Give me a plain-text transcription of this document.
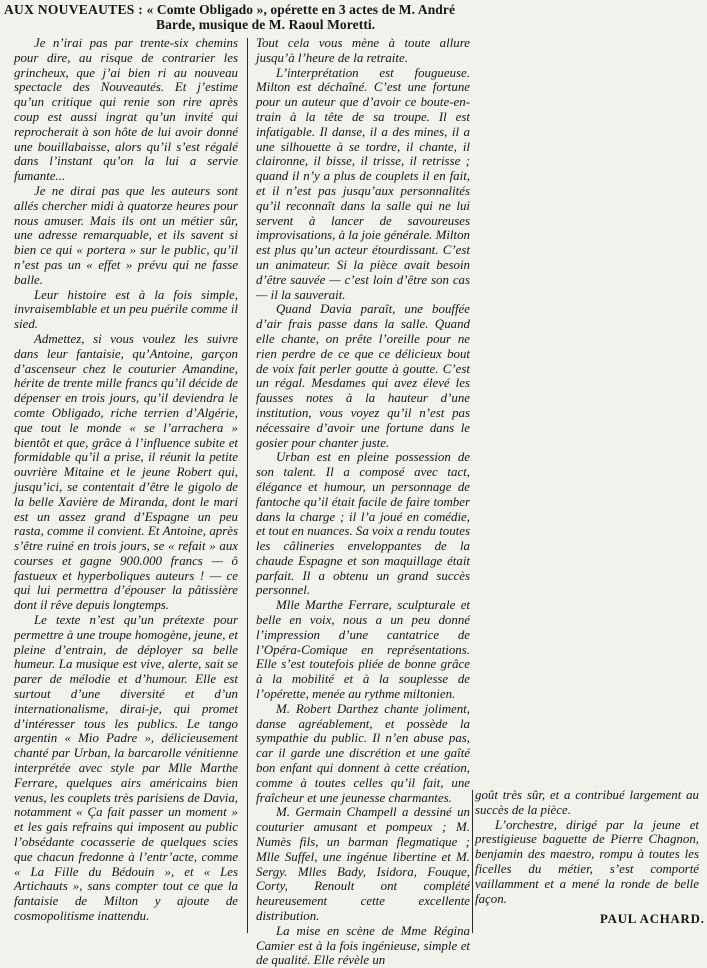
AUX NOUVEAUTES : « Comte Obligado », opérette en 3 actes de M. André
Barde, musique de M. Raoul Moretti.

Je n’irai pas par trente-six chemins pour dire, au risque de contrarier les grincheux, que j’ai bien ri au nouveau spectacle des Nouveautés. Et j’estime qu’un critique qui renie son rire après coup est aussi ingrat qu’un invité qui reprocherait à son hôte de lui avoir donné une bouillabaisse, alors qu’il s’est régalé dans l’instant qu’on la lui a servie fumante...

Je ne dirai pas que les auteurs sont allés chercher midi à quatorze heures pour nous amuser. Mais ils ont un métier sûr, une adresse remarquable, et ils savent si bien ce qui « portera » sur le public, qu’il n’est pas un « effet » prévu qui ne fasse balle.

Leur histoire est à la fois simple, invraisemblable et un peu puérile comme il sied.

Admettez, si vous voulez les suivre dans leur fantaisie, qu’Antoine, garçon d’ascenseur chez le couturier Amandine, hérite de trente mille francs qu’il décide de dépenser en trois jours, qu’il deviendra le comte Obligado, riche terrien d’Algérie, que tout le monde « se l’arrachera » bientôt et que, grâce à l’influence subite et formidable qu’il a prise, il réunit la petite ouvrière Mitaine et le jeune Robert qui, jusqu’ici, se contentait d’être le gigolo de la belle Xavière de Miranda, dont le mari est un assez grand d’Espagne un peu rasta, comme il convient. Et Antoine, après s’être ruiné en trois jours, se « refait » aux courses et gagne 900.000 francs — ô fastueux et hyperboliques auteurs ! — ce qui lui permettra d’épouser la pâtissière dont il rêve depuis longtemps.

Le texte n’est qu’un prétexte pour permettre à une troupe homogène, jeune, et pleine d’entrain, de déployer sa belle humeur. La musique est vive, alerte, sait se parer de mélodie et d’humour. Elle est surtout d’une diversité et d’un internationalisme, dirai-je, qui promet d’intéresser tous les publics. Le tango argentin « Mio Padre », délicieusement chanté par Urban, la barcarolle vénitienne interprétée avec style par Mlle Marthe Ferrare, quelques airs américains bien venus, les couplets très parisiens de Davia, notamment « Ça fait passer un moment » et les gais refrains qui imposent au public l’obsédante cocasserie de quelques scies que chacun fredonne à l’entr’acte, comme « La Fille du Bédouin », et « Les Artichauts », sans compter tout ce que la fantaisie de Milton y ajoute de cosmopolitisme inattendu.

Tout cela vous mène à toute allure jusqu’à l’heure de la retraite.

L’interprétation est fougueuse. Milton est déchaîné. C’est une fortune pour un auteur que d’avoir ce boute-en-train à la tête de sa troupe. Il est infatigable. Il danse, il a des mines, il a une silhouette à se tordre, il chante, il claironne, il bisse, il trisse, il retrisse ; quand il n’y a plus de couplets il en fait, et il n’est pas jusqu’aux personnalités qu’il reconnaît dans la salle qui ne lui servent à lancer de savoureuses improvisations, à la joie générale. Milton est plus qu’un acteur étourdissant. C’est un animateur. Si la pièce avait besoin d’être sauvée — c’est loin d’être son cas — il la sauverait.

Quand Davia paraît, une bouffée d’air frais passe dans la salle. Quand elle chante, on prête l’oreille pour ne rien perdre de ce que ce délicieux bout de voix fait perler goutte à goutte. C’est un régal. Mesdames qui avez élevé les fausses notes à la hauteur d’une institution, vous voyez qu’il n’est pas nécessaire d’avoir une fortune dans le gosier pour chanter juste.

Urban est en pleine possession de son talent. Il a composé avec tact, élégance et humour, un personnage de fantoche qu’il était facile de faire tomber dans la charge ; il l’a joué en comédie, et tout en nuances. Sa voix a rendu toutes les câlineries enveloppantes de la chaude Espagne et son maquillage était parfait. Il a obtenu un grand succès personnel.

Mlle Marthe Ferrare, sculpturale et belle en voix, nous a un peu donné l’impression d’une cantatrice de l’Opéra-Comique en représentations. Elle s’est toutefois pliée de bonne grâce à la mobilité et à la souplesse de l’opérette, menée au rythme miltonien.

M. Robert Darthez chante joliment, danse agréablement, et possède la sympathie du public. Il n’en abuse pas, car il garde une discrétion et une gaîté bon enfant qui donnent à cette création, comme à toutes celles qu’il fait, une fraîcheur et une jeunesse charmantes.

M. Germain Champell a dessiné un couturier amusant et pompeux ; M. Numès fils, un barman flegmatique ; Mlle Suffel, une ingénue libertine et M. Sergy. Mlles Bady, Isidora, Fouque, Corty, Renoult ont complété heureusement cette excellente distribution.

La mise en scène de Mme Régina Camier est à la fois ingénieuse, simple et de qualité. Elle révèle un

goût très sûr, et a contribué largement au succès de la pièce.

L’orchestre, dirigé par la jeune et prestigieuse baguette de Pierre Chagnon, benjamin des maestro, rompu à toutes les ficelles du métier, s’est comporté vaillamment et a mené la ronde de belle façon.

PAUL ACHARD.
